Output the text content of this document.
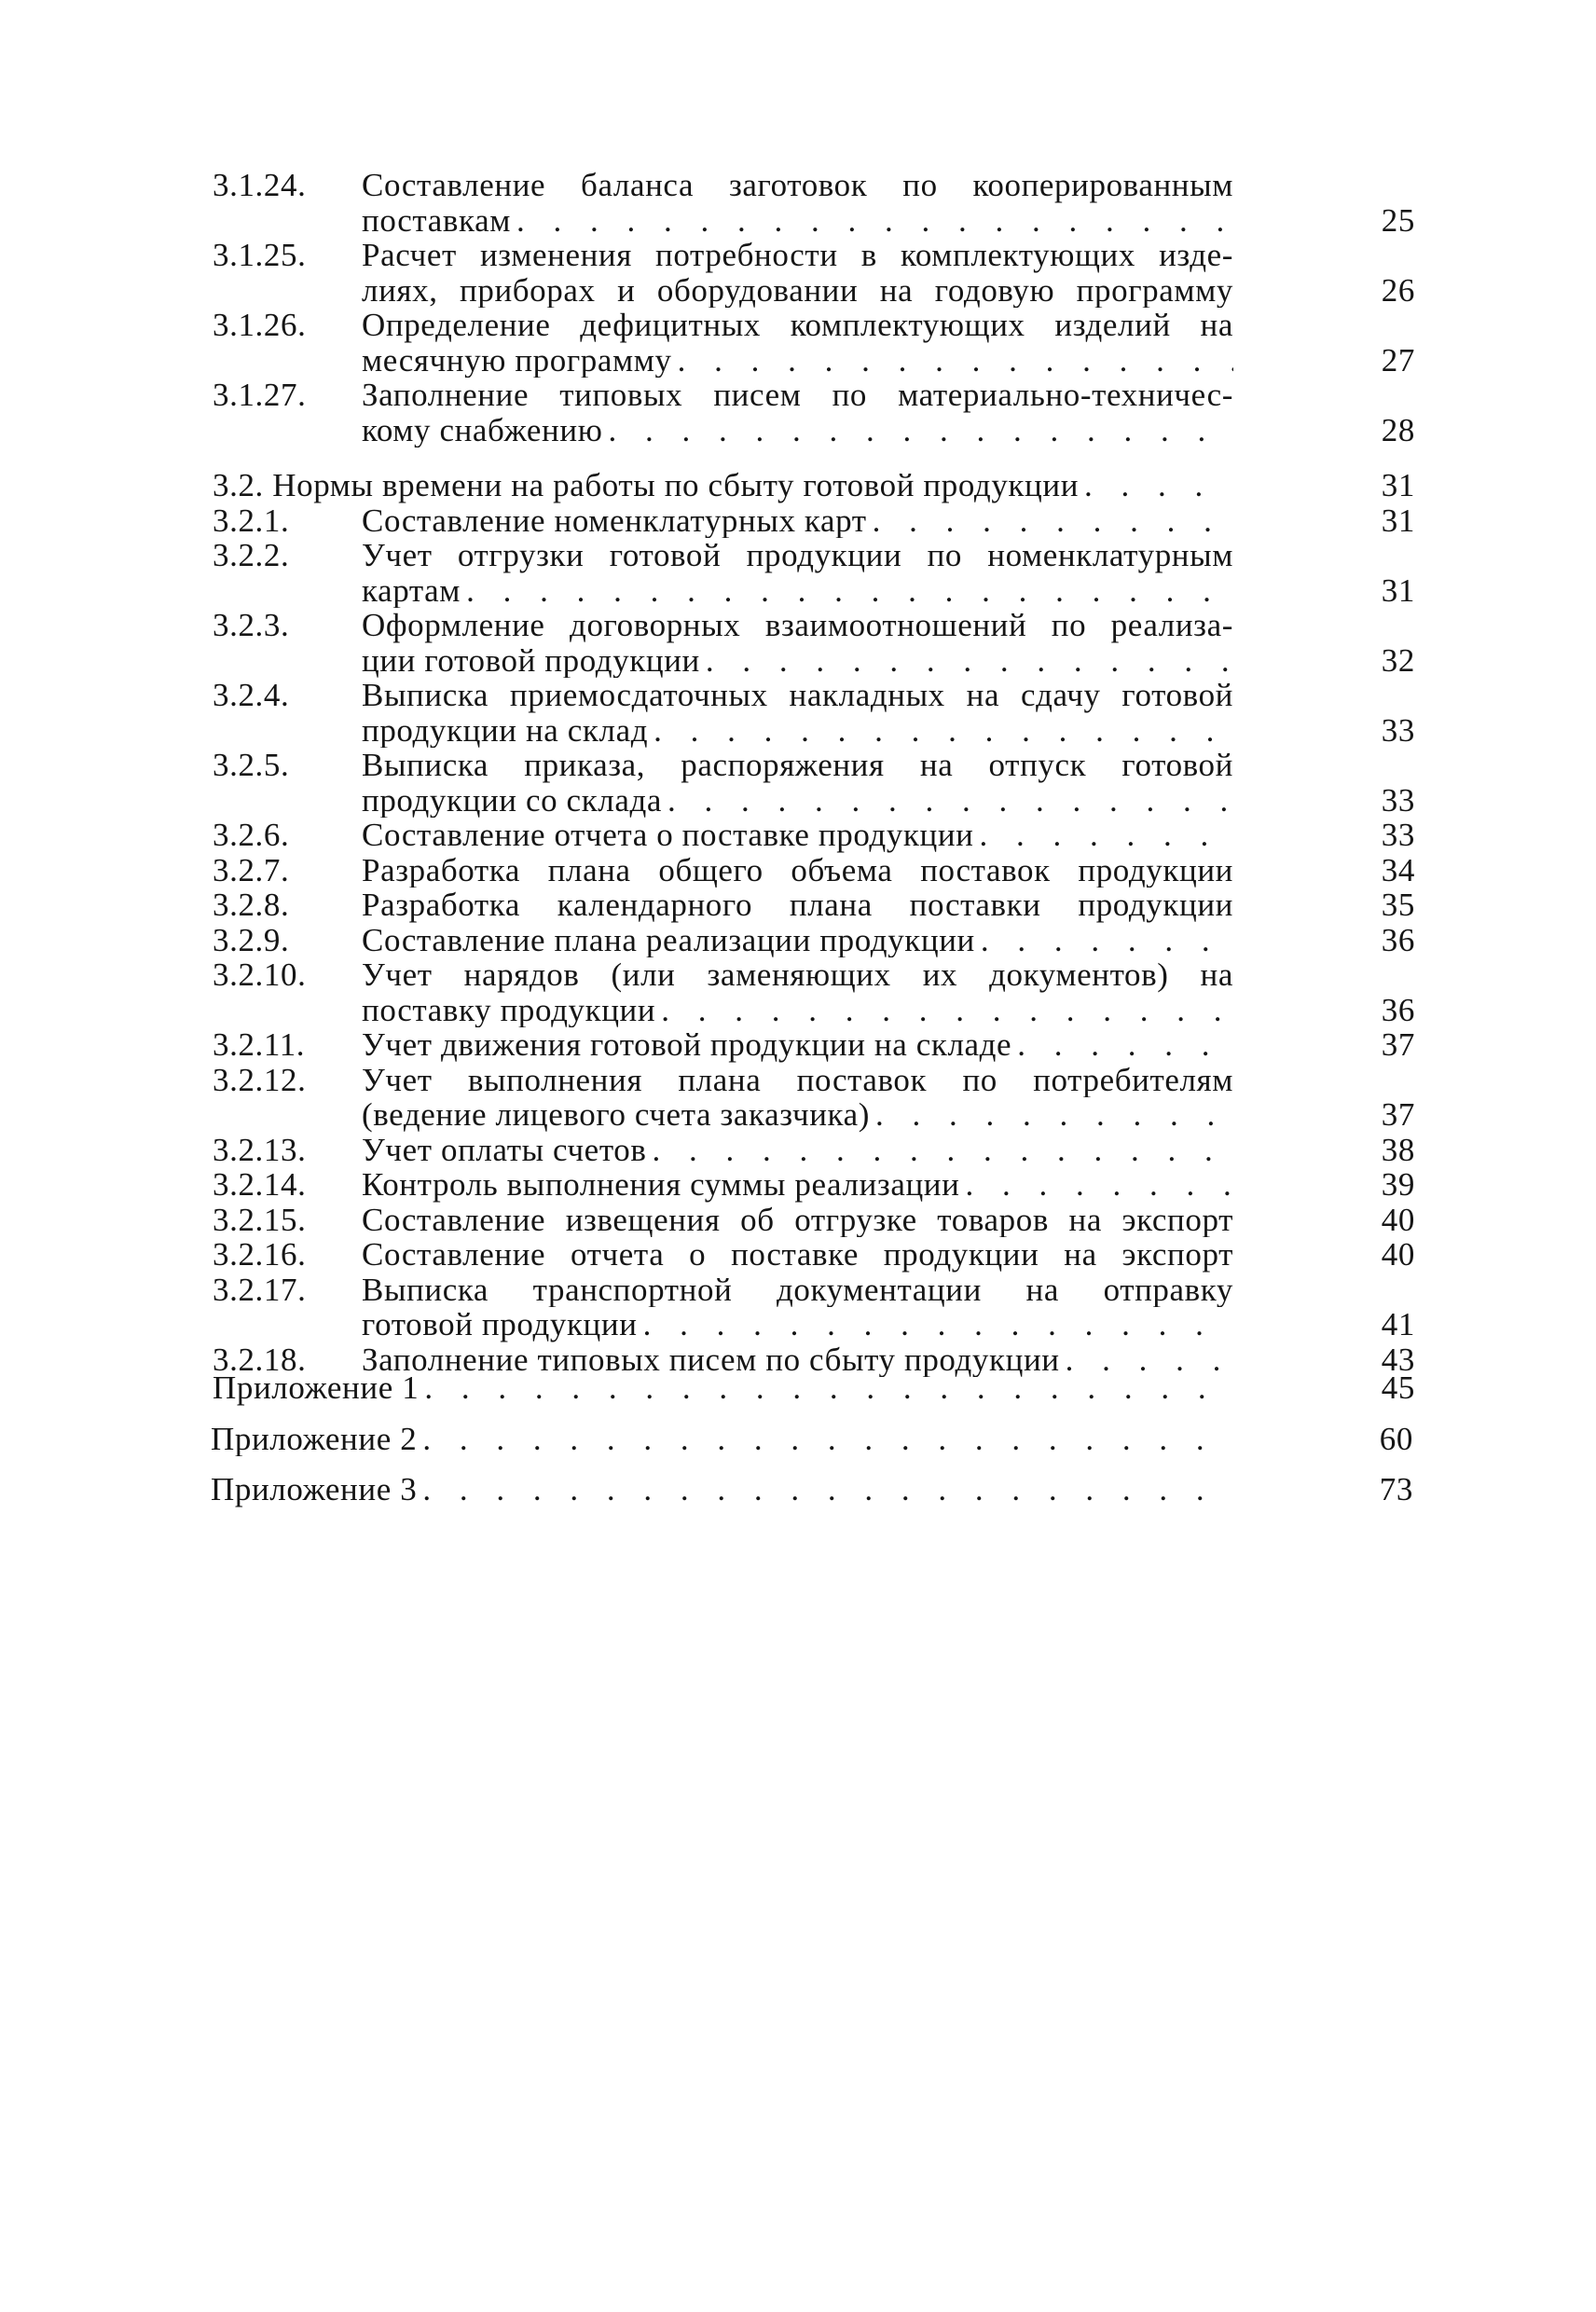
3.1.24.	Составление баланса заготовок по кооперированным
поставкам . . .	25
3.1.25.	Расчет изменения потребности в комплектующих изде-
лиях, приборах и оборудовании на годовую программу	26
3.1.26.	Определение дефицитных комплектующих изделий на
месячную программу . . .	27
3.1.27.	Заполнение типовых писем по материально-техничес-
кому снабжению . . .	28
3.2. Нормы времени на работы по сбыту готовой продукции . . .	31
3.2.1.	Составление номенклатурных карт . . .	31
3.2.2.	Учет отгрузки готовой продукции по номенклатурным
картам . . .	31
3.2.3.	Оформление договорных взаимоотношений по реализа-
ции готовой продукции . . .	32
3.2.4.	Выписка приемосдаточных накладных на сдачу готовой
продукции на склад . . .	33
3.2.5.	Выписка приказа, распоряжения на отпуск готовой
продукции со склада . . .	33
3.2.6.	Составление отчета о поставке продукции . . .	33
3.2.7.	Разработка плана общего объема поставок продукции	34
3.2.8.	Разработка календарного плана поставки продукции	35
3.2.9.	Составление плана реализации продукции . . .	36
3.2.10.	Учет нарядов (или заменяющих их документов) на
поставку продукции . . .	36
3.2.11.	Учет движения готовой продукции на складе . . .	37
3.2.12.	Учет выполнения плана поставок по потребителям
(ведение лицевого счета заказчика) . . .	37
3.2.13.	Учет оплаты счетов . . .	38
3.2.14.	Контроль выполнения суммы реализации . . .	39
3.2.15.	Составление извещения об отгрузке товаров на экспорт	40
3.2.16.	Составление отчета о поставке продукции на экспорт	40
3.2.17.	Выписка транспортной документации на отправку
готовой продукции . . .	41
3.2.18.	Заполнение типовых писем по сбыту продукции . . .	43
Приложение 1 . . .	45
Приложение 2 . . .	60
Приложение 3 . . .	73
